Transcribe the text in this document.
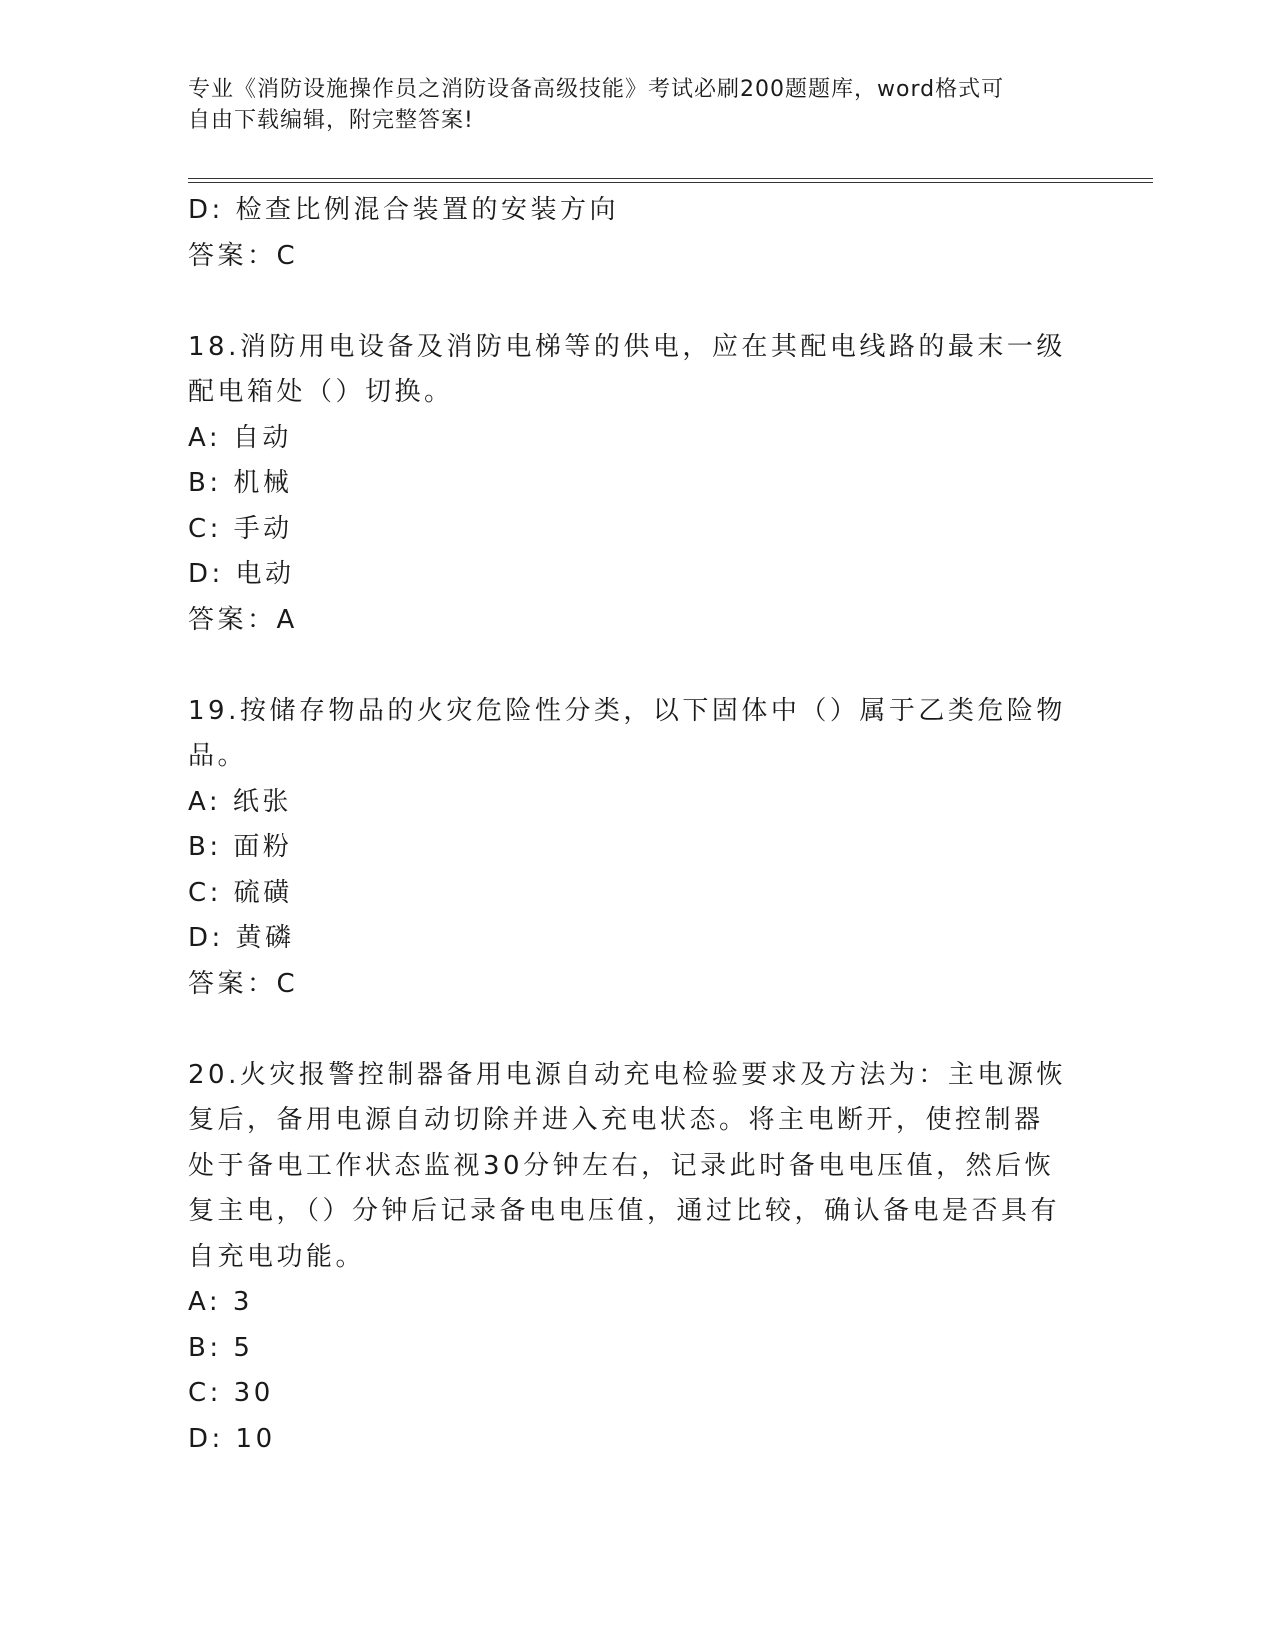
专业《消防设施操作员之消防设备高级技能》考试必刷200题题库，word格式可
自由下载编辑，附完整答案!
D: 检查比例混合装置的安装方向
答案：C
18.消防用电设备及消防电梯等的供电，应在其配电线路的最末一级配电箱处（）切换。
A: 自动
B: 机械
C: 手动
D: 电动
答案：A
19.按储存物品的火灾危险性分类，以下固体中（）属于乙类危险物品。
A: 纸张
B: 面粉
C: 硫磺
D: 黄磷
答案：C
20.火灾报警控制器备用电源自动充电检验要求及方法为：主电源恢复后，备用电源自动切除并进入充电状态。将主电断开，使控制器处于备电工作状态监视30分钟左右，记录此时备电电压值，然后恢复主电，（）分钟后记录备电电压值，通过比较，确认备电是否具有自充电功能。
A: 3
B: 5
C: 30
D: 10
